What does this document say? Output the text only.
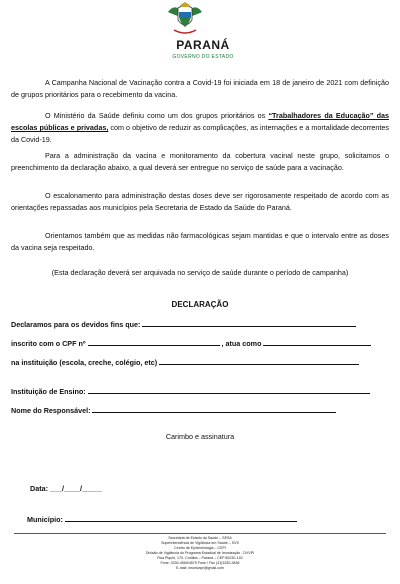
PARANÁ
GOVERNO DO ESTADO

A Campanha Nacional de Vacinação contra a Covid-19 foi iniciada em 18 de janeiro de 2021 com definição de grupos prioritários para o recebimento da vacina.

O Ministério da Saúde definiu como um dos grupos prioritários os “Trabalhadores da Educação” das escolas públicas e privadas, com o objetivo de reduzir as complicações, as internações e a mortalidade decorrentes da Covid-19.

Para a administração da vacina e monitoramento da cobertura vacinal neste grupo, solicitamos o preenchimento da declaração abaixo, a qual deverá ser entregue no serviço de saúde para a vacinação.

O escalonamento para administração destas doses deve ser rigorosamente respeitado de acordo com as orientações repassadas aos municípios pela Secretaria de Estado da Saúde do Paraná.

Orientamos também que as medidas não farmacológicas sejam mantidas e que o intervalo entre as doses da vacina seja respeitado.

(Esta declaração deverá ser arquivada no serviço de saúde durante o período de campanha)
DECLARAÇÃO
Declaramos para os devidos fins que:
inscrito com o CPF nº	, atua como
na instituição (escola, creche, colégio, etc)
Instituição de Ensino:
Nome do Responsável:
Carimbo e assinatura
Data: ___/____/_____
Município:
Secretaria de Estado da Saúde – SESA
Superintendência de Vigilância em Saúde – SVS
Centro de Epidemiologia – CEPI
Divisão de Vigilância do Programa Estadual de Imunização - DVVPI
Rua Piquiri, 170- Curitiba – Paraná – CEP 80230-140
Fone: 3330-4560/4579 Fone / Fax (41)3330-3836
E-mail: imunizapr@gmail.com
